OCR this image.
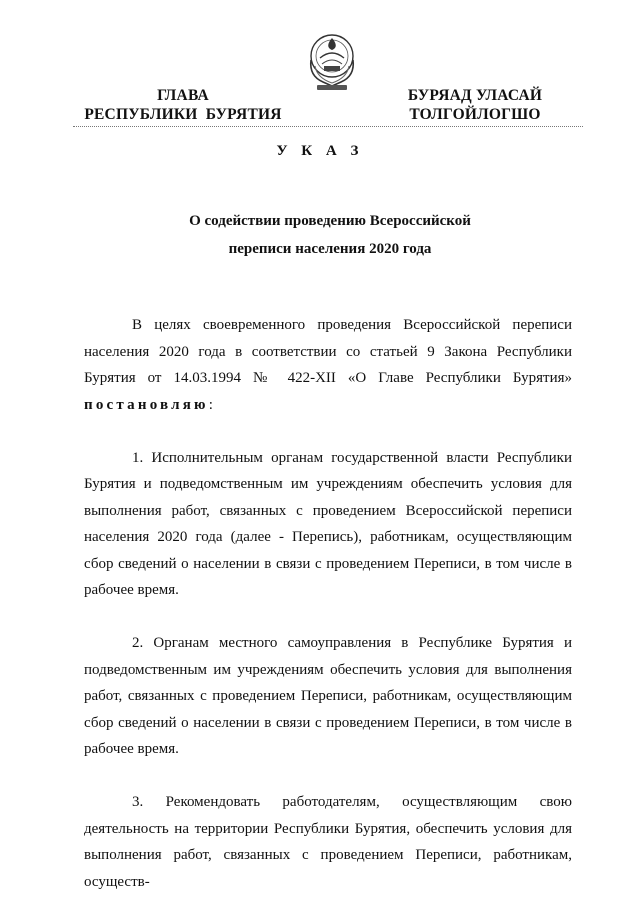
ГЛАВА
РЕСПУБЛИКИ  БУРЯТИЯ
БУРЯАД УЛАСАЙ
ТОЛГОЙЛОГШО
У К А З
О содействии проведению Всероссийской
переписи населения 2020 года

В целях своевременного проведения Всероссийской переписи населения 2020 года в соответствии со статьей 9 Закона Республики Бурятия от 14.03.1994 № 422-XII «О Главе Республики Бурятия» постановляю:

1. Исполнительным органам государственной власти Республики Бурятия и подведомственным им учреждениям обеспечить условия для выполнения работ, связанных с проведением Всероссийской переписи населения 2020 года (далее - Перепись), работникам, осуществляющим сбор сведений о населении в связи с проведением Переписи, в том числе в рабочее время.

2. Органам местного самоуправления в Республике Бурятия и подведомственным им учреждениям обеспечить условия для выполнения работ, связанных с проведением Переписи, работникам, осуществляющим сбор сведений о населении в связи с проведением Переписи, в том числе в рабочее время.

3. Рекомендовать работодателям, осуществляющим свою деятельность на территории Республики Бурятия, обеспечить условия для выполнения работ, связанных с проведением Переписи, работникам, осуществ-
